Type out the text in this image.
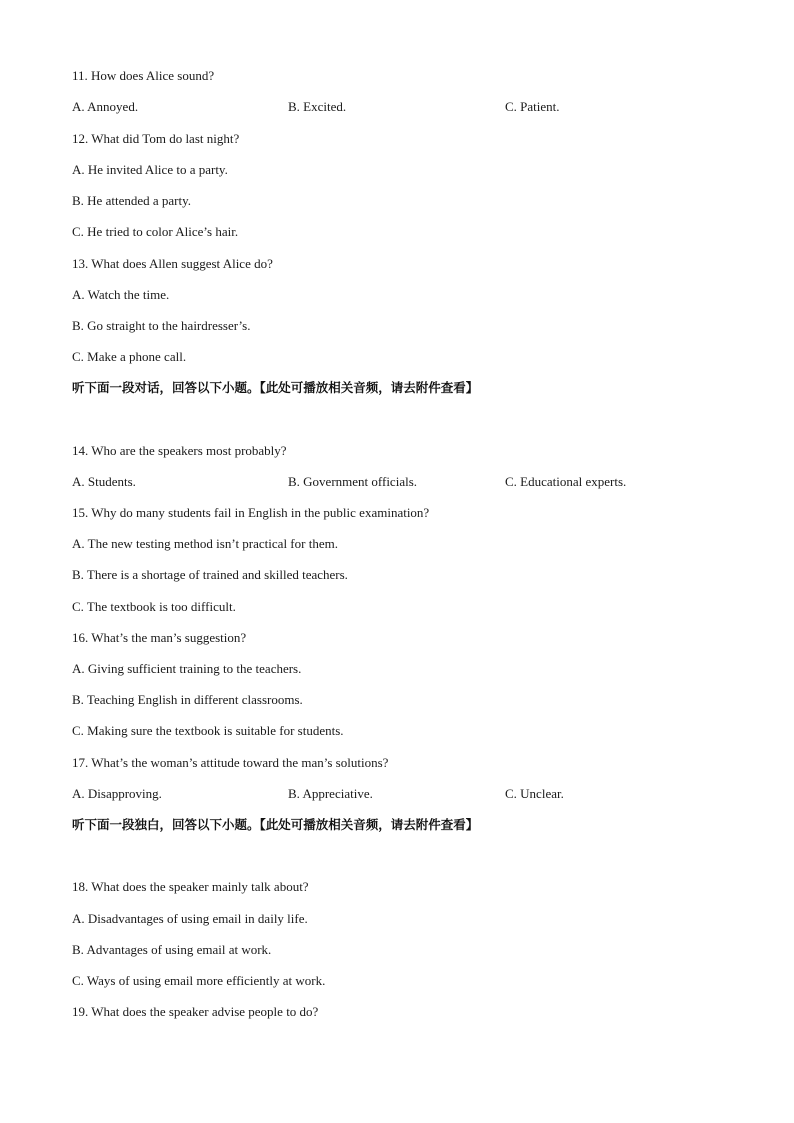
11. How does Alice sound?
A. Annoyed.	B. Excited.	C. Patient.
12. What did Tom do last night?
A. He invited Alice to a party.
B. He attended a party.
C. He tried to color Alice’s hair.
13. What does Allen suggest Alice do?
A. Watch the time.
B. Go straight to the hairdresser’s.
C. Make a phone call.
听下面一段对话，回答以下小题。【此处可播放相关音频，请去附件查看】
14. Who are the speakers most probably?
A. Students.	B. Government officials.	C. Educational experts.
15. Why do many students fail in English in the public examination?
A. The new testing method isn’t practical for them.
B. There is a shortage of trained and skilled teachers.
C. The textbook is too difficult.
16. What’s the man’s suggestion?
A. Giving sufficient training to the teachers.
B. Teaching English in different classrooms.
C. Making sure the textbook is suitable for students.
17. What’s the woman’s attitude toward the man’s solutions?
A. Disapproving.	B. Appreciative.	C. Unclear.
听下面一段独白，回答以下小题。【此处可播放相关音频，请去附件查看】
18. What does the speaker mainly talk about?
A. Disadvantages of using email in daily life.
B. Advantages of using email at work.
C. Ways of using email more efficiently at work.
19. What does the speaker advise people to do?
